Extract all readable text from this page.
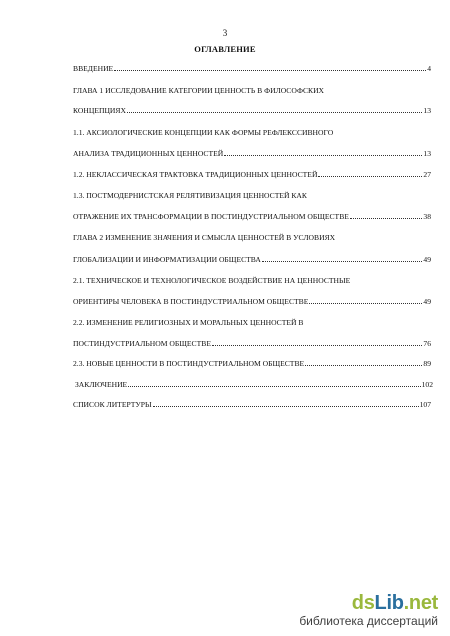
3
ОГЛАВЛЕНИЕ
ВВЕДЕНИЕ	4
ГЛАВА 1 ИССЛЕДОВАНИЕ КАТЕГОРИИ ЦЕННОСТЬ В ФИЛОСОФСКИХ
КОНЦЕПЦИЯХ	13
1.1. АКСИОЛОГИЧЕСКИЕ КОНЦЕПЦИИ КАК ФОРМЫ РЕФЛЕКССИВНОГО
АНАЛИЗА ТРАДИЦИОННЫХ ЦЕННОСТЕЙ	13
1.2. НЕКЛАССИЧЕСКАЯ ТРАКТОВКА ТРАДИЦИОННЫХ ЦЕННОСТЕЙ	27
1.3. ПОСТМОДЕРНИСТСКАЯ РЕЛЯТИВИЗАЦИЯ ЦЕННОСТЕЙ КАК
ОТРАЖЕНИЕ ИХ ТРАНСФОРМАЦИИ В ПОСТИНДУСТРИАЛЬНОМ ОБЩЕСТВЕ	38
ГЛАВА 2 ИЗМЕНЕНИЕ ЗНАЧЕНИЯ И СМЫСЛА ЦЕННОСТЕЙ В УСЛОВИЯХ
ГЛОБАЛИЗАЦИИ И ИНФОРМАТИЗАЦИИ ОБЩЕСТВА	49
2.1. ТЕХНИЧЕСКОЕ И ТЕХНОЛОГИЧЕСКОЕ ВОЗДЕЙСТВИЕ НА ЦЕННОСТНЫЕ
ОРИЕНТИРЫ ЧЕЛОВЕКА В ПОСТИНДУСТРИАЛЬНОМ ОБЩЕСТВЕ	49
2.2. ИЗМЕНЕНИЕ РЕЛИГИОЗНЫХ И МОРАЛЬНЫХ ЦЕННОСТЕЙ В
ПОСТИНДУСТРИАЛЬНОМ ОБЩЕСТВЕ	76
2.3. НОВЫЕ ЦЕННОСТИ В ПОСТИНДУСТРИАЛЬНОМ ОБЩЕСТВЕ	89
ЗАКЛЮЧЕНИЕ	102
СПИСОК ЛИТЕРТУРЫ	107
dsLib.net
библиотека диссертаций
